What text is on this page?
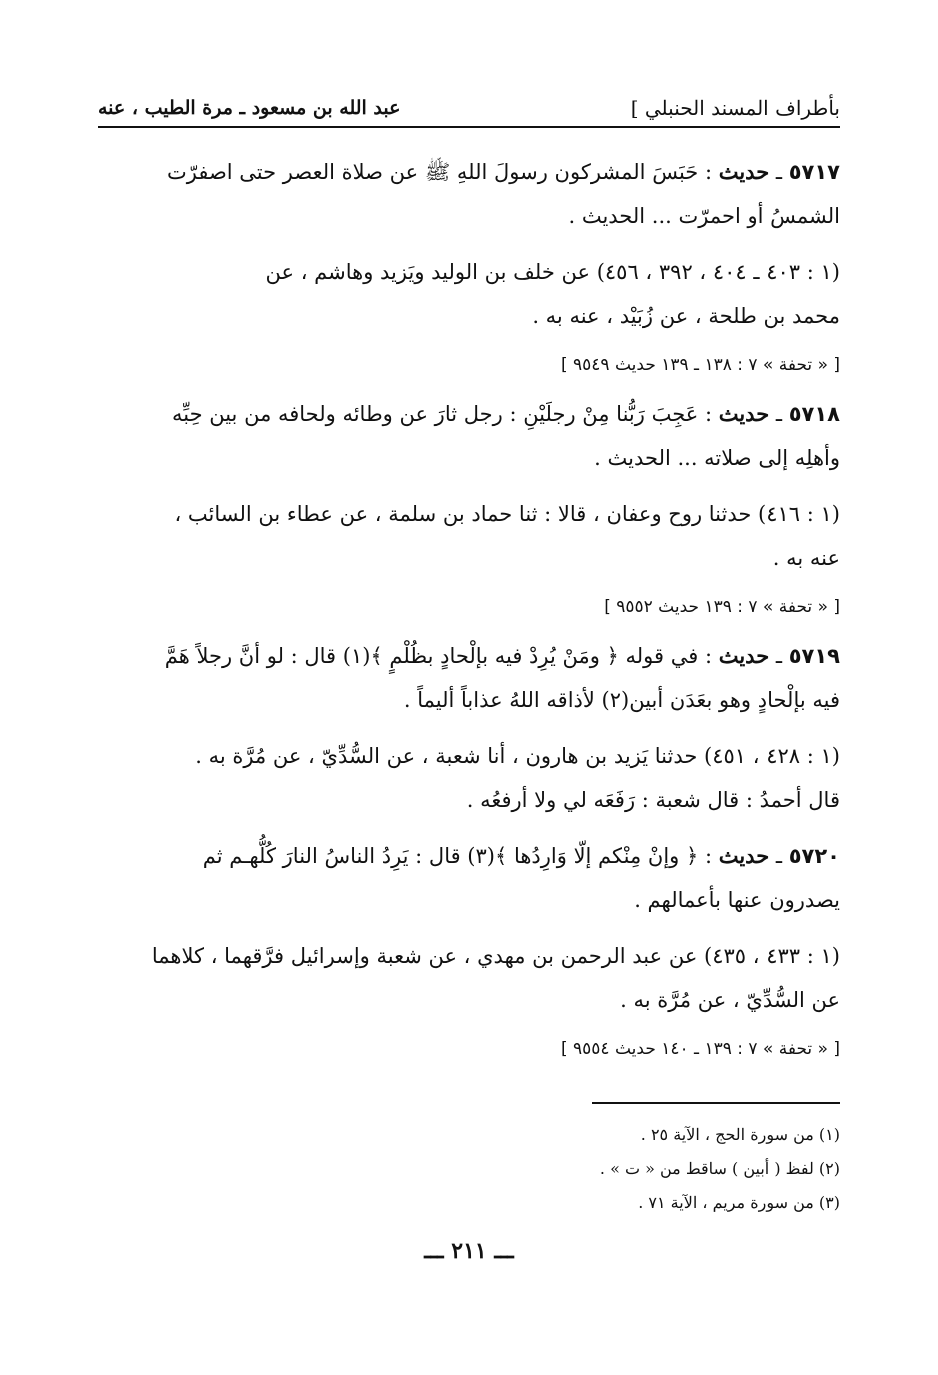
بأطراف المسند الحنبلي ]
عبد الله بن مسعود ـ مرة الطيب ، عنه

٥٧١٧ ـ حديث : حَبَسَ المشركون رسولَ اللهِ ﷺ عن صلاة العصر حتى اصفرّت

الشمسُ أو احمرّت ... الحديث .

(١ : ٤٠٣ ـ ٤٠٤ ، ٣٩٢ ، ٤٥٦) عن خلف بن الوليد ويَزيد وهاشم ، عن

محمد بن طلحة ، عن زُبَيْد ، عنه به .

[ « تحفة » ٧ : ١٣٨ ـ ١٣٩ حديث ٩٥٤٩ ]

٥٧١٨ ـ حديث : عَجِبَ رَبُّنا مِنْ رجلَيْنِ : رجل ثارَ عن وطائه ولحافه من بين حِبِّه

وأهلِه إلى صلاته ... الحديث .

(١ : ٤١٦) حدثنا روح وعفان ، قالا : ثنا حماد بن سلمة ، عن عطاء بن السائب ،

عنه به .

[ « تحفة » ٧ : ١٣٩ حديث ٩٥٥٢ ]

٥٧١٩ ـ حديث : في قوله ﴿ ومَنْ يُرِدْ فيه بإلْحادٍ بظُلْمٍ ﴾(١) قال : لو أنَّ رجلاً هَمَّ

فيه بإلْحادٍ وهو بعَدَن أبين(٢) لأذاقه اللهُ عذاباً أليماً .

(١ : ٤٢٨ ، ٤٥١) حدثنا يَزيد بن هارون ، أنا شعبة ، عن السُّدِّيّ ، عن مُرَّة به .

قال أحمدُ : قال شعبة : رَفَعَه لي ولا أرفعُه .

٥٧٢٠ ـ حديث : ﴿ وإنْ مِنْكم إلّا وَارِدُها ﴾(٣) قال : يَرِدُ الناسُ النارَ كُلُّهـم ثم

يصدرون عنها بأعمالهم .

(١ : ٤٣٣ ، ٤٣٥) عن عبد الرحمن بن مهدي ، عن شعبة وإسرائيل فرَّقهما ، كلاهما

عن السُّدِّيّ ، عن مُرَّة به .

[ « تحفة » ٧ : ١٣٩ ـ ١٤٠ حديث ٩٥٥٤ ]

(١) من سورة الحج ، الآية ٢٥ .

(٢) لفظ ( أبين ) ساقط من « ت » .

(٣) من سورة مريم ، الآية ٧١ .

ـــ ٢١١ ـــ
